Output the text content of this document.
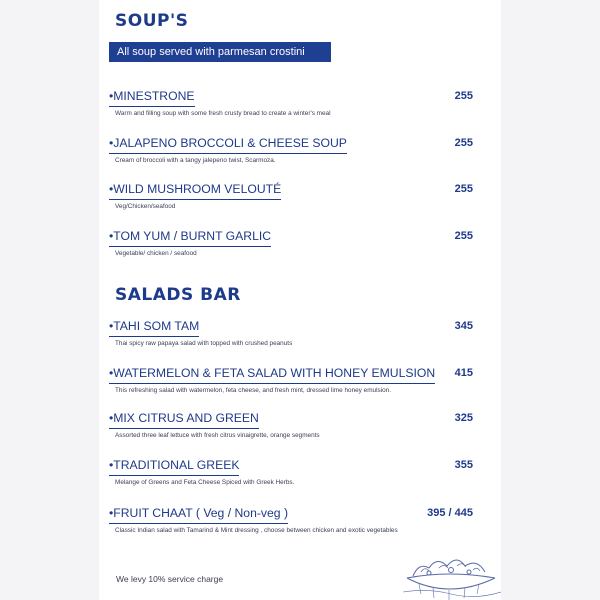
SOUP'S
All soup served with parmesan crostini
•MINESTRONE	255
Warm and filling soup with some fresh crusty bread to create a winter's meal
•JALAPENO BROCCOLI & CHEESE SOUP	255
Cream of broccoli with a tangy jalepeno twist, Scarmoza.
•WILD MUSHROOM VELOUTÉ	255
Veg/Chicken/seafood
•TOM YUM / BURNT GARLIC	255
Vegetable/ chicken / seafood
SALADS BAR
•TAHI SOM TAM	345
Thai spicy raw papaya salad with topped with crushed peanuts
•WATERMELON & FETA SALAD WITH HONEY EMULSION 415
This refreshing salad with watermelon, feta cheese, and fresh mint, dressed lime honey emulsion.
•MIX CITRUS AND GREEN	325
Assorted three leaf lettuce with fresh citrus vinaigrette, orange segments
•TRADITIONAL GREEK	355
Melange of Greens and Feta Cheese Spiced with Greek Herbs.
•FRUIT CHAAT ( Veg / Non-veg )	395 / 445
Classic Indian salad with Tamarind & Mint dressing , choose between chicken and exotic vegetables
We levy 10% service charge
